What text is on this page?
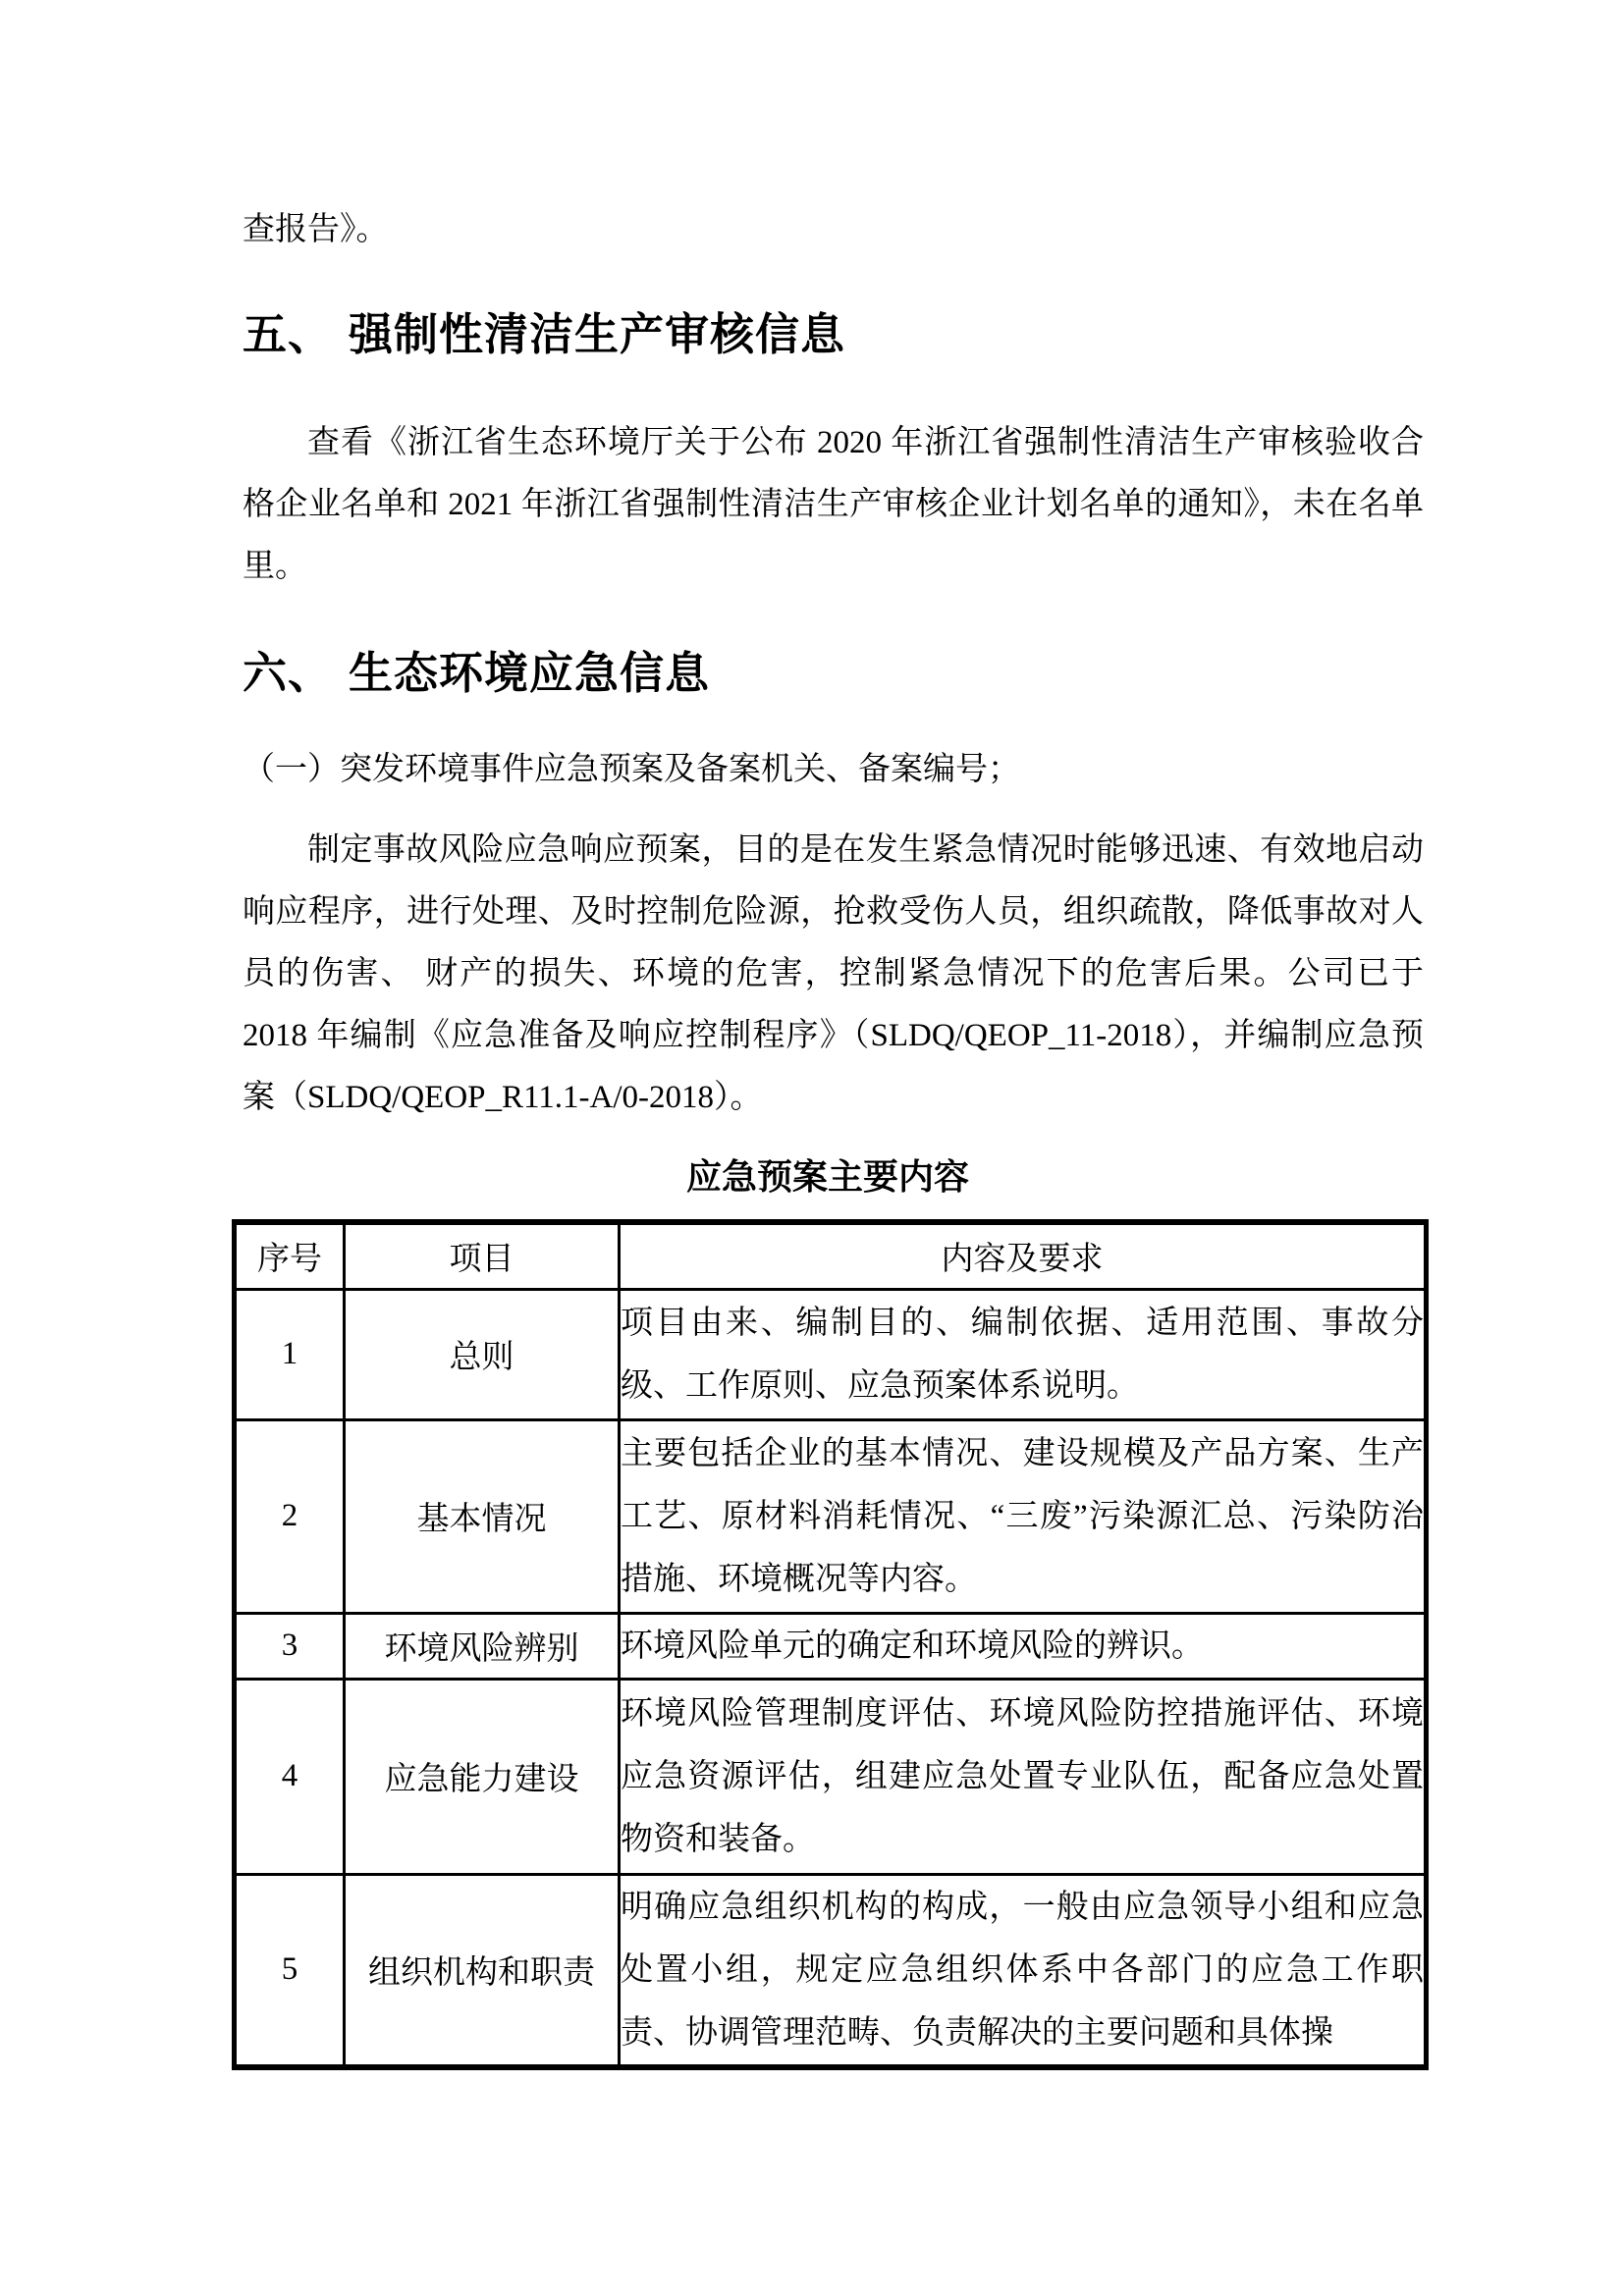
查报告》。
五、 强制性清洁生产审核信息
查看《浙江省生态环境厅关于公布 2020 年浙江省强制性清洁生产审核验收合格企业名单和 2021 年浙江省强制性清洁生产审核企业计划名单的通知》，未在名单里。
六、 生态环境应急信息
（一）突发环境事件应急预案及备案机关、备案编号；
制定事故风险应急响应预案，目的是在发生紧急情况时能够迅速、有效地启动响应程序，进行处理、及时控制危险源，抢救受伤人员，组织疏散，降低事故对人员的伤害、 财产的损失、环境的危害，控制紧急情况下的危害后果。公司已于 2018 年编制《应急准备及响应控制程序》（SLDQ/QEOP_11-2018），并编制应急预案（SLDQ/QEOP_R11.1-A/0-2018）。
应急预案主要内容
序号	项目	内容及要求
1	总则	项目由来、编制目的、编制依据、适用范围、事故分级、工作原则、应急预案体系说明。
2	基本情况	主要包括企业的基本情况、建设规模及产品方案、生产工艺、原材料消耗情况、“三废”污染源汇总、污染防治措施、环境概况等内容。
3	环境风险辨别	环境风险单元的确定和环境风险的辨识。
4	应急能力建设	环境风险管理制度评估、环境风险防控措施评估、环境应急资源评估，组建应急处置专业队伍，配备应急处置物资和装备。
5	组织机构和职责	明确应急组织机构的构成，一般由应急领导小组和应急处置小组，规定应急组织体系中各部门的应急工作职责、协调管理范畴、负责解决的主要问题和具体操
